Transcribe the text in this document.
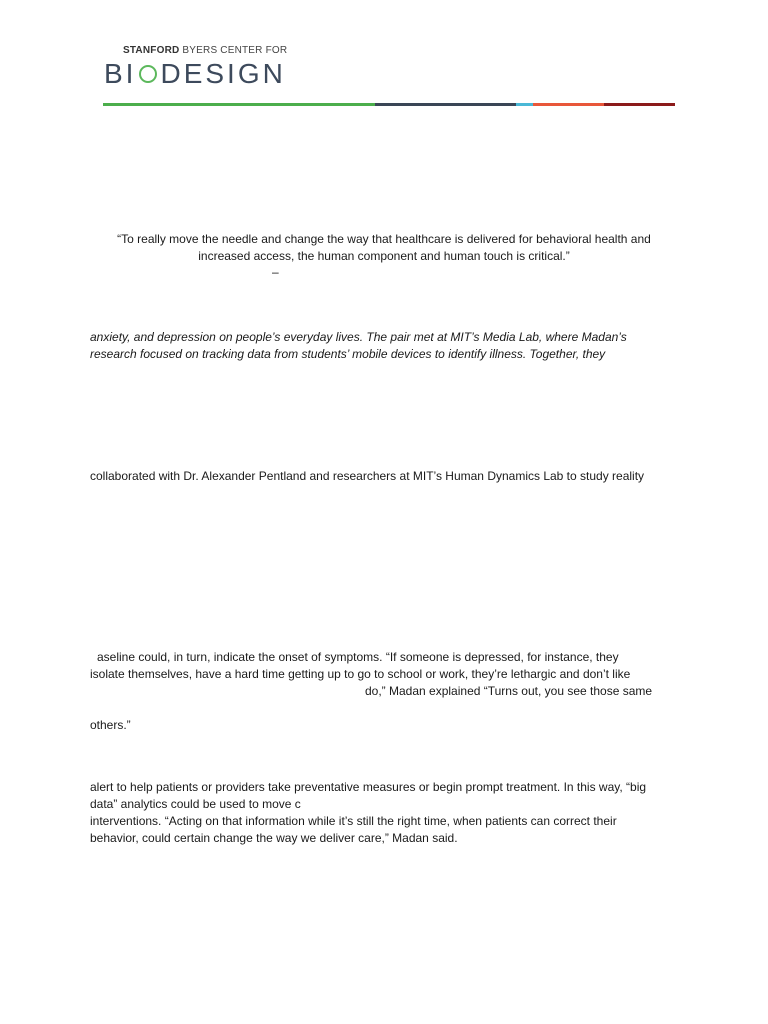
STANFORD BYERS CENTER FOR
BI DESIGN
“To really move the needle and change the way that healthcare is delivered for behavioral health and
increased access, the human component and human touch is critical.”
–
anxiety, and depression on people’s everyday lives. The pair met at MIT’s Media Lab, where Madan’s
research focused on tracking data from students’ mobile devices to identify illness. Together, they
collaborated with Dr. Alexander Pentland and researchers at MIT’s Human Dynamics Lab to study reality
aseline could, in turn, indicate the onset of symptoms. “If someone is depressed, for instance, they
isolate themselves, have a hard time getting up to go to school or work, they’re lethargic and don’t like
do,” Madan explained “Turns out, you see those same
others.”
alert to help patients or providers take preventative measures or begin prompt treatment. In this way, “big
data” analytics could be used to move c
interventions. “Acting on that information while it’s still the right time, when patients can correct their
behavior, could certain change the way we deliver care,” Madan said.
